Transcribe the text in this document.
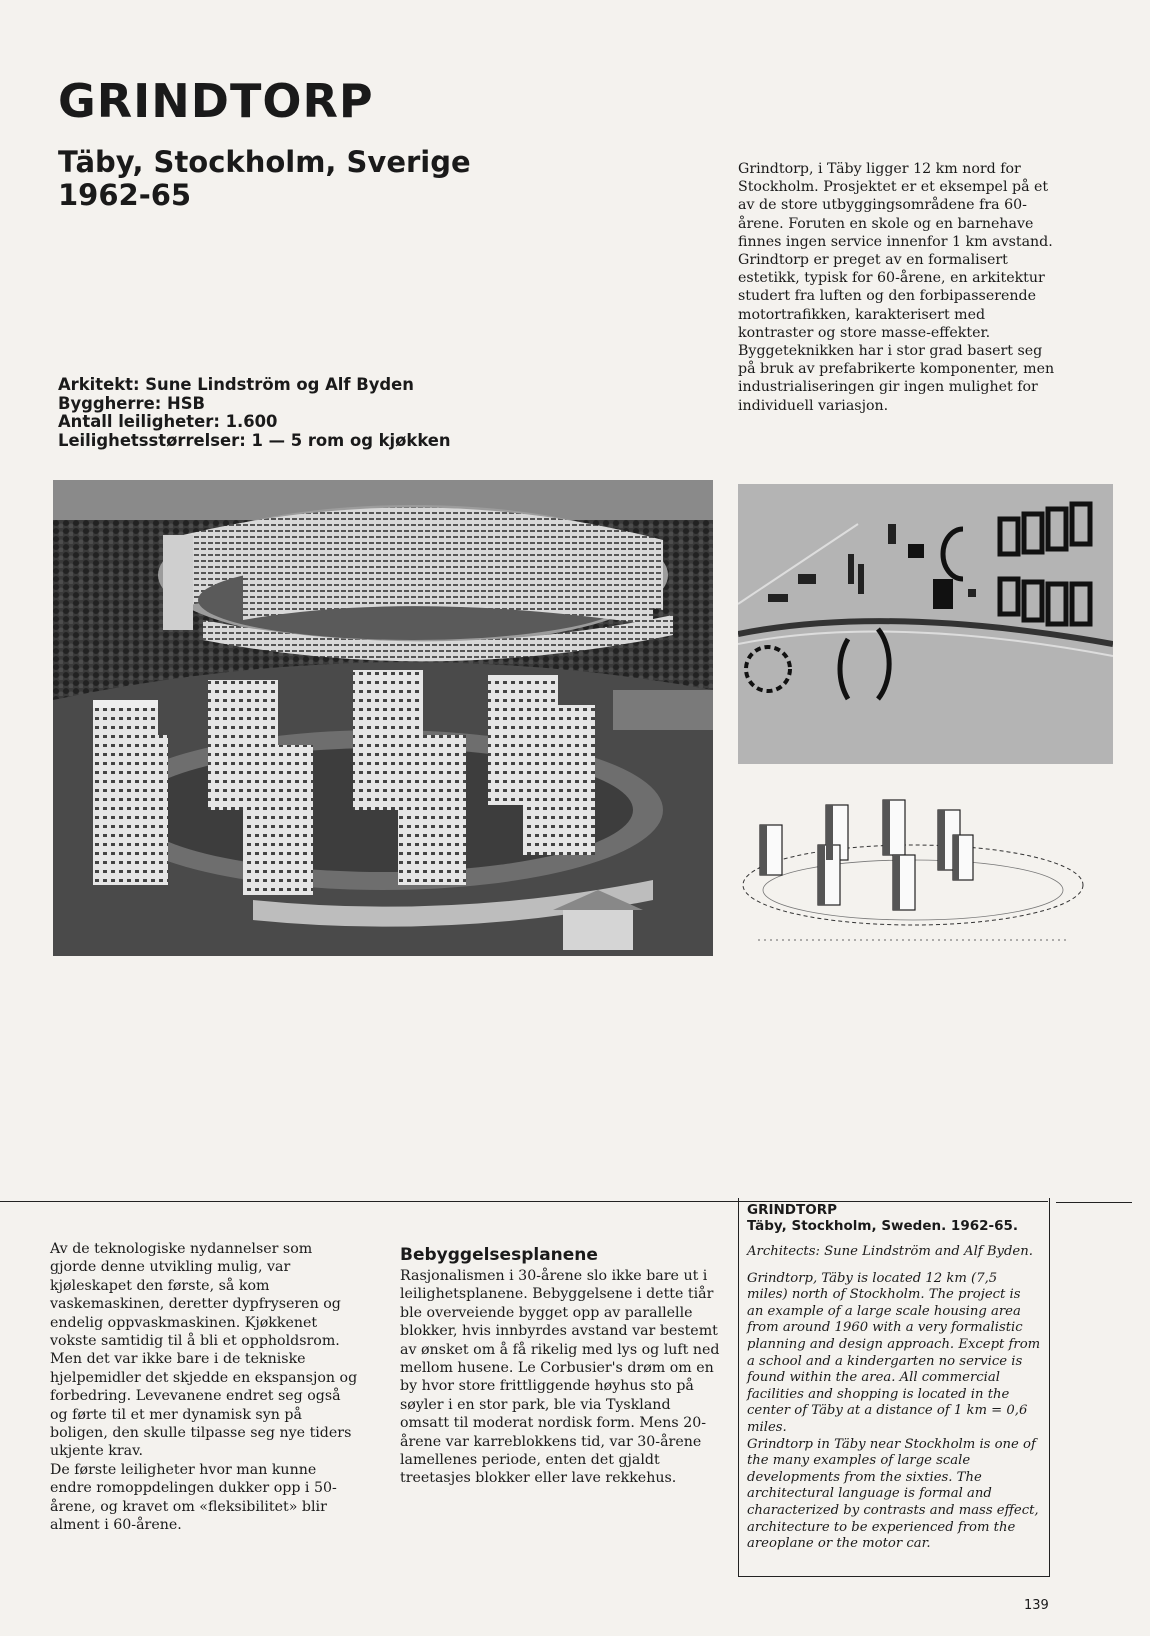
GRINDTORP
Täby, Stockholm, Sverige
1962-65

Grindtorp, i Täby ligger 12 km nord for Stockholm. Prosjektet er et eksempel på et av de store utbyggingsområdene fra 60-årene. Foruten en skole og en barnehave finnes ingen service innenfor 1 km avstand. Grindtorp er preget av en formalisert estetikk, typisk for 60-årene, en arkitektur studert fra luften og den forbipasserende motortrafikken, karakterisert med kontraster og store masse-effekter. Byggeteknikken har i stor grad basert seg på bruk av prefabrikerte komponenter, men industrialiseringen gir ingen mulighet for individuell variasjon.

Arkitekt: Sune Lindström og Alf Byden
Byggherre: HSB
Antall leiligheter: 1.600
Leilighetsstørrelser: 1 — 5 rom og kjøkken

Av de teknologiske nydannelser som gjorde denne utvikling mulig, var kjøleskapet den første, så kom vaskemaskinen, deretter dypfryseren og endelig oppvaskmaskinen. Kjøkkenet vokste samtidig til å bli et oppholdsrom.

Men det var ikke bare i de tekniske hjelpemidler det skjedde en ekspansjon og forbedring. Levevanene endret seg også og førte til et mer dynamisk syn på boligen, den skulle tilpasse seg nye tiders ukjente krav.

De første leiligheter hvor man kunne endre romoppdelingen dukker opp i 50-årene, og kravet om «fleksibilitet» blir alment i 60-årene.

Bebyggelsesplanene

Rasjonalismen i 30-årene slo ikke bare ut i leilighetsplanene. Bebyggelsene i dette tiår ble overveiende bygget opp av parallelle blokker, hvis innbyrdes avstand var bestemt av ønsket om å få rikelig med lys og luft ned mellom husene. Le Corbusier's drøm om en by hvor store frittliggende høyhus sto på søyler i en stor park, ble via Tyskland omsatt til moderat nordisk form. Mens 20-årene var karreblokkens tid, var 30-årene lamellenes periode, enten det gjaldt treetasjes blokker eller lave rekkehus.

GRINDTORP

Täby, Stockholm, Sweden. 1962-65.

Architects: Sune Lindström and Alf Byden.

Grindtorp, Täby is located 12 km (7,5 miles) north of Stockholm. The project is an example of a large scale housing area from around 1960 with a very formalistic planning and design approach. Except from a school and a kindergarten no service is found within the area. All commercial facilities and shopping is located in the center of Täby at a distance of 1 km = 0,6 miles.

Grindtorp in Täby near Stockholm is one of the many examples of large scale developments from the sixties. The architectural language is formal and characterized by contrasts and mass effect, architecture to be experienced from the areoplane or the motor car.

139
